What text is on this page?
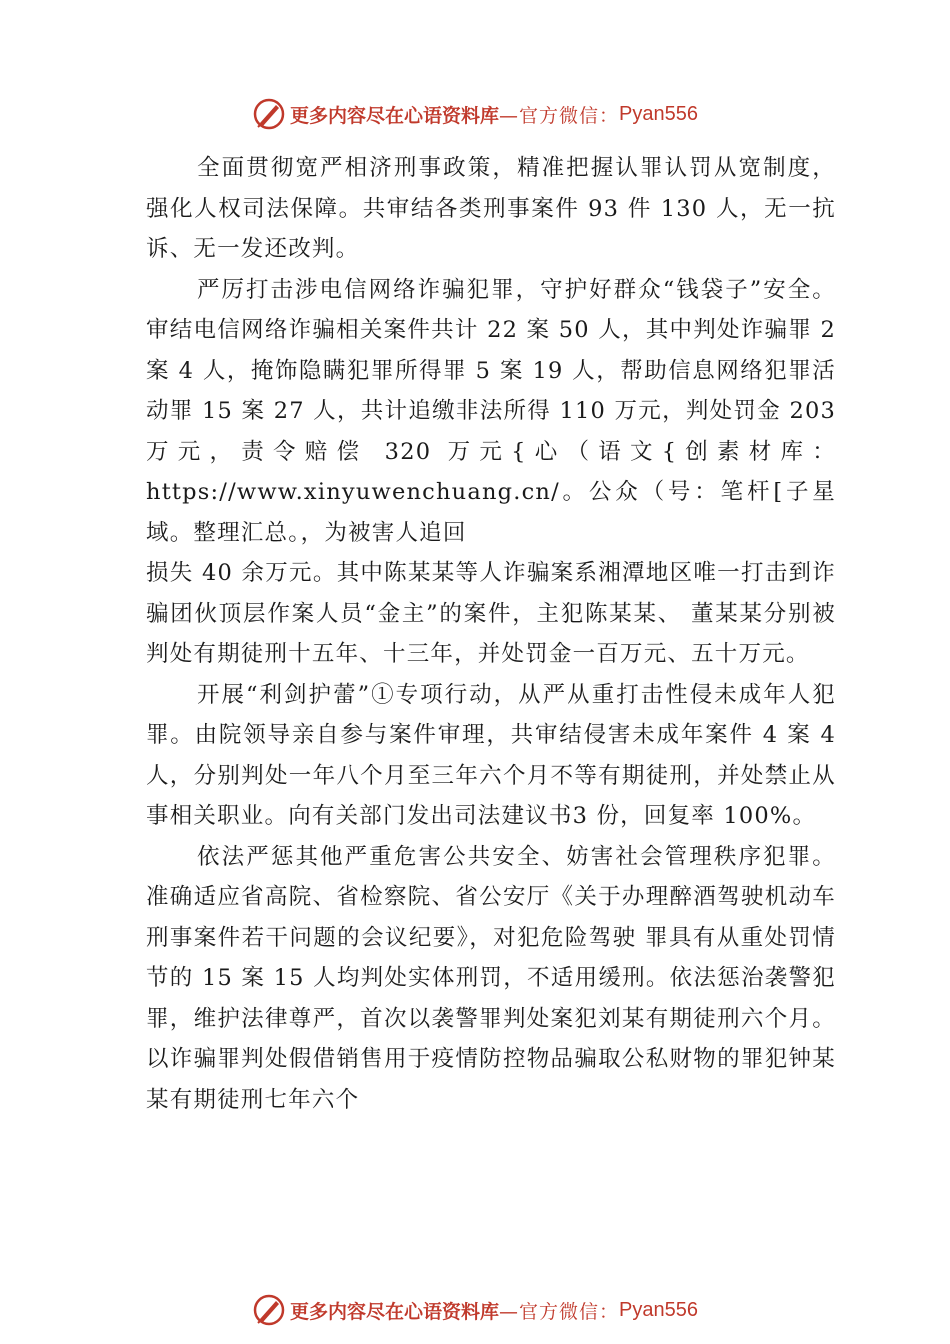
更多内容尽在心语资料库 —官方微信： Pyan556

全面贯彻宽严相济刑事政策，精准把握认罪认罚从宽制度，强化人权司法保障。共审结各类刑事案件 93 件 130 人，无一抗诉、无一发还改判。

严厉打击涉电信网络诈骗犯罪，守护好群众“钱袋子”安全。审结电信网络诈骗相关案件共计 22 案 50 人，其中判处诈骗罪 2 案 4 人，掩饰隐瞒犯罪所得罪 5 案 19 人，帮助信息网络犯罪活动罪 15 案 27 人，共计追缴非法所得 110 万元，判处罚金 203 万元，责令赔偿 320 万元{心（语文{创素材库：https://www.xinyuwenchuang.cn/。公众（号：笔杆[子星域。整理汇总。，为被害人追回

损失 40 余万元。其中陈某某等人诈骗案系湘潭地区唯一打击到诈骗团伙顶层作案人员“金主”的案件，主犯陈某某、 董某某分别被判处有期徒刑十五年、十三年，并处罚金一百万元、五十万元。

开展“利剑护蕾”①专项行动，从严从重打击性侵未成年人犯罪。由院领导亲自参与案件审理，共审结侵害未成年案件 4 案 4 人，分别判处一年八个月至三年六个月不等有期徒刑，并处禁止从事相关职业。向有关部门发出司法建议书3 份，回复率 100%。

依法严惩其他严重危害公共安全、妨害社会管理秩序犯罪。准确适应省高院、省检察院、省公安厅《关于办理醉酒驾驶机动车刑事案件若干问题的会议纪要》，对犯危险驾驶 罪具有从重处罚情节的 15 案 15 人均判处实体刑罚，不适用缓刑。依法惩治袭警犯罪，维护法律尊严，首次以袭警罪判处案犯刘某有期徒刑六个月。以诈骗罪判处假借销售用于疫情防控物品骗取公私财物的罪犯钟某某有期徒刑七年六个

更多内容尽在心语资料库 —官方微信： Pyan556
